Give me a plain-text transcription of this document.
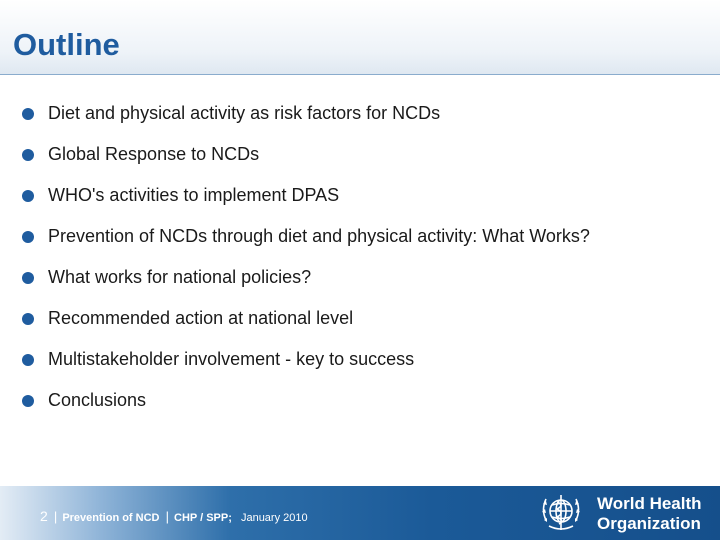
Outline
Diet and physical activity as risk factors for NCDs
Global Response to NCDs
WHO's activities to implement DPAS
Prevention of NCDs through diet and physical activity: What Works?
What works for national policies?
Recommended action at national level
Multistakeholder involvement - key to success
Conclusions
2 | Prevention of NCD | CHP / SPP; January 2010
World Health
Organization
